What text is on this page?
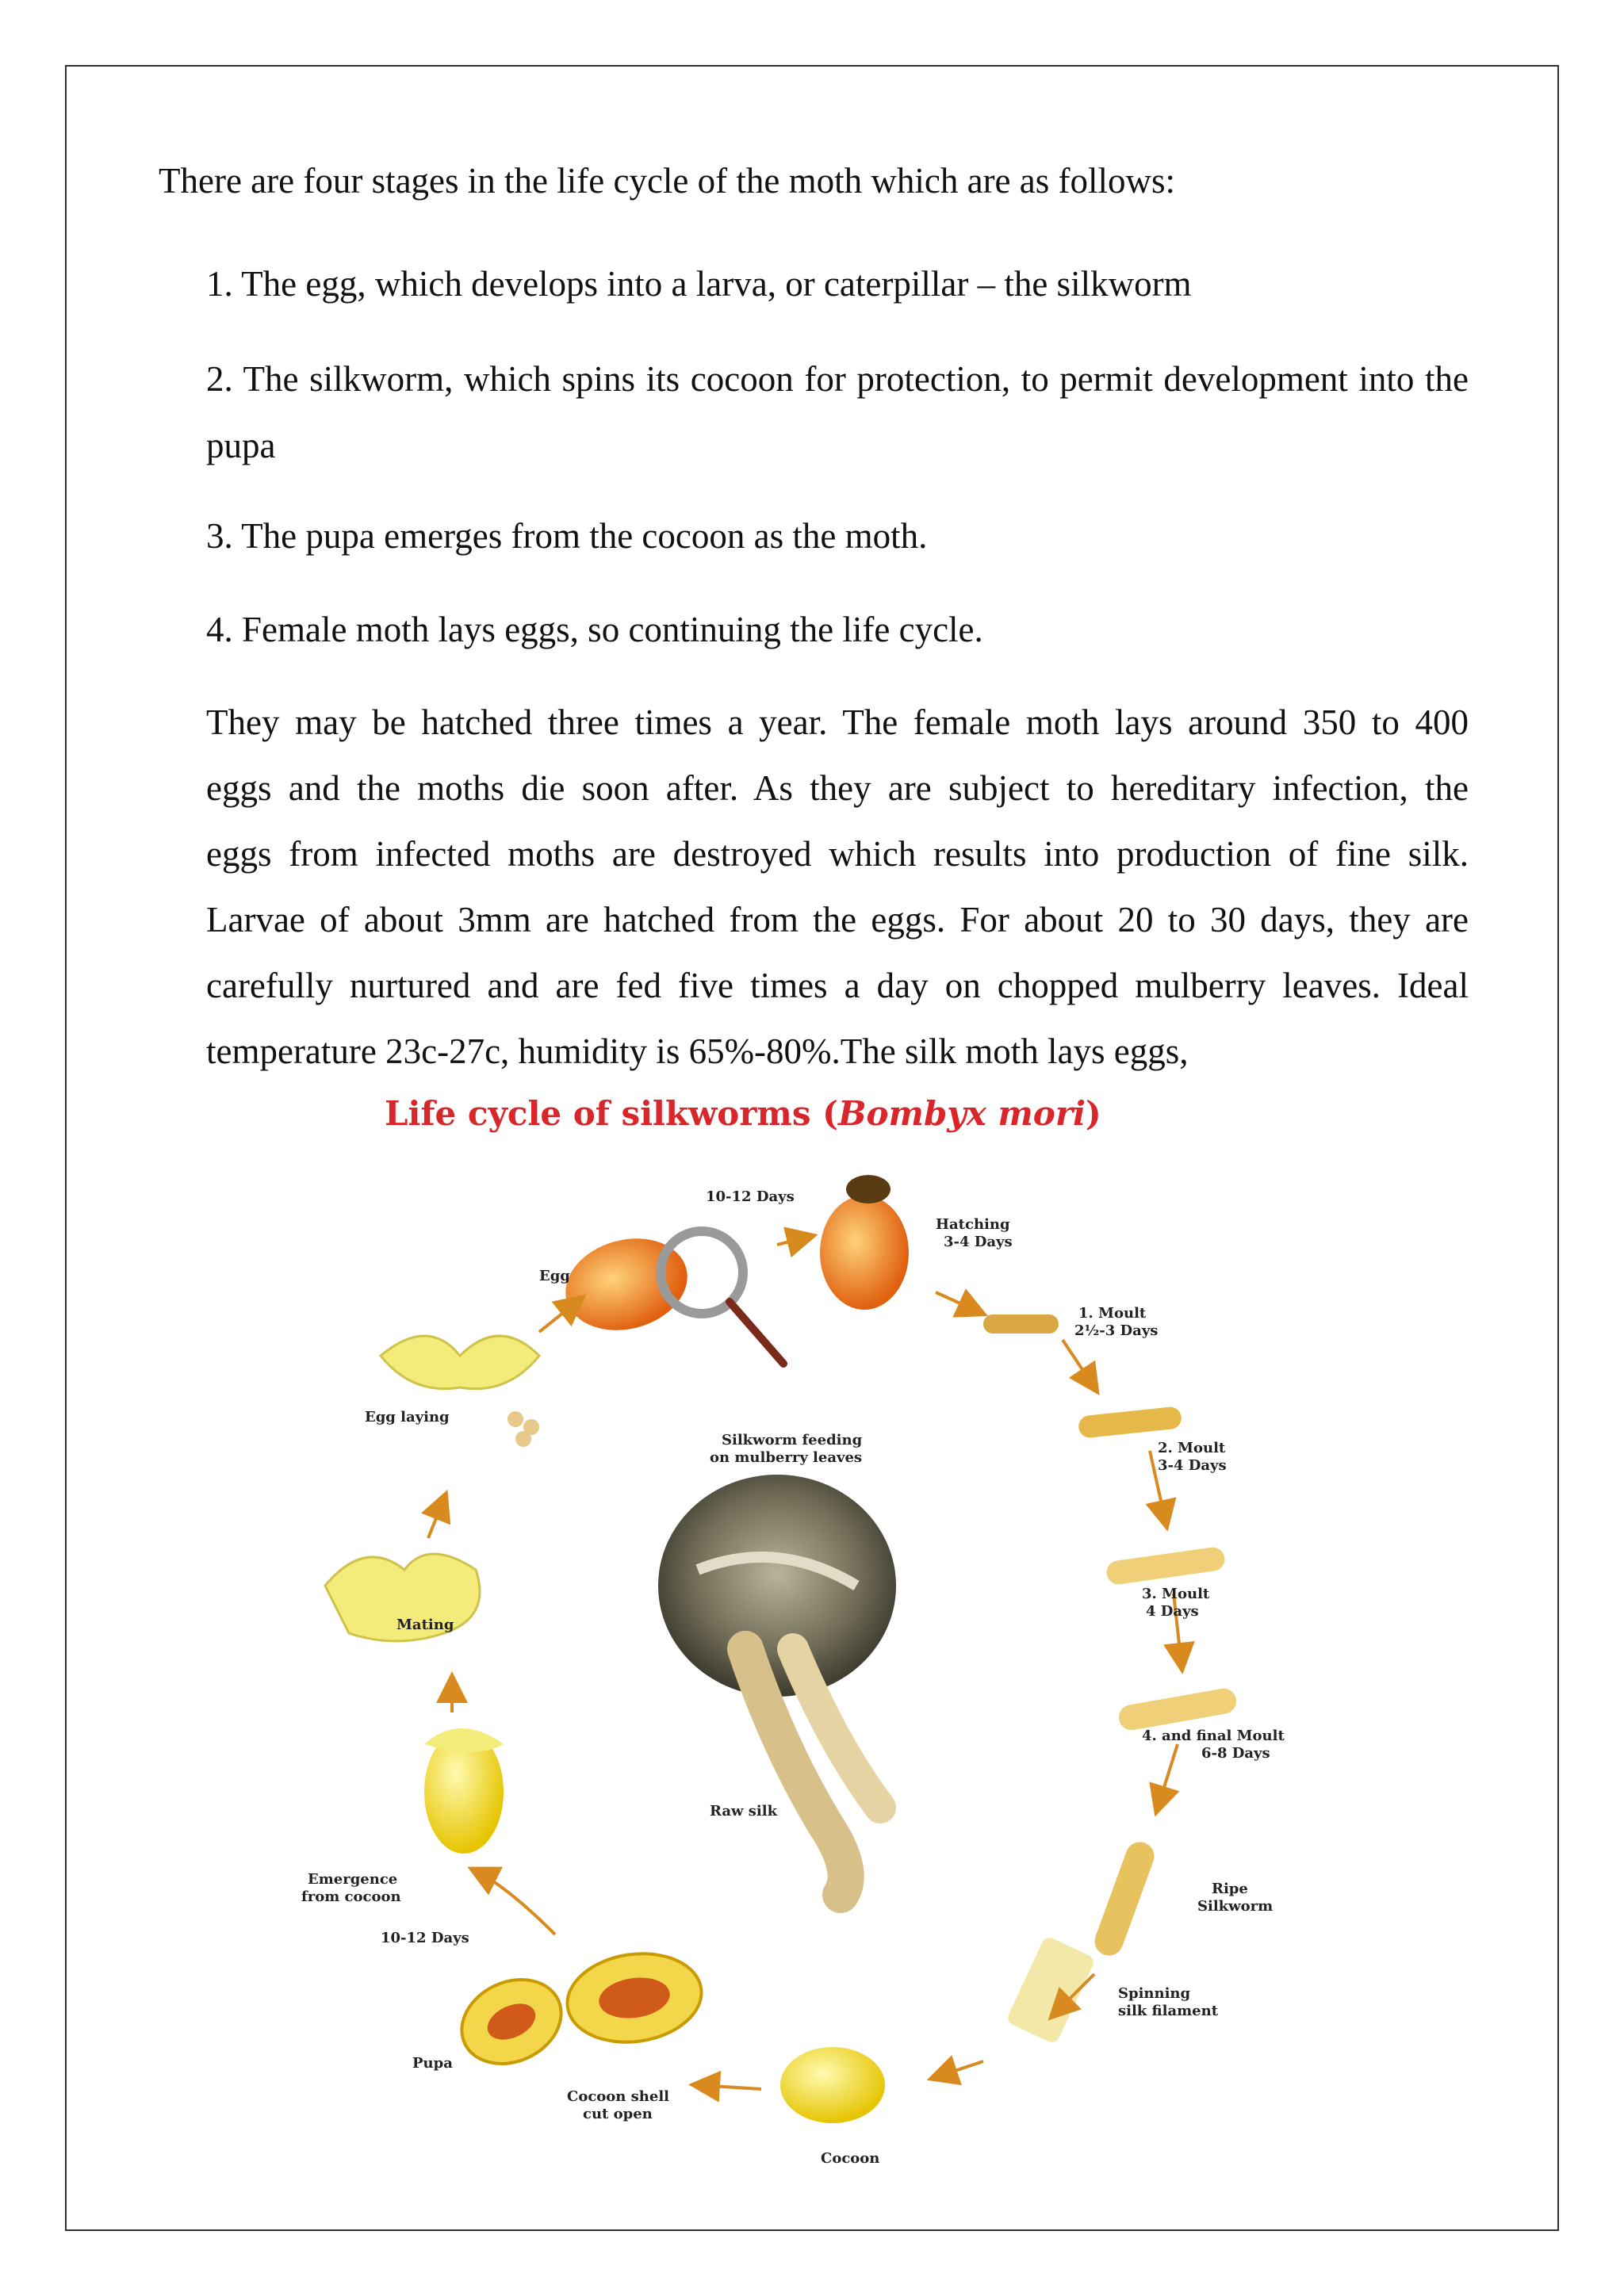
There are four stages in the life cycle of the moth which are as follows:

1. The egg, which develops into a larva, or caterpillar – the silkworm

2. The silkworm, which spins its cocoon for protection, to permit development into the pupa

3. The pupa emerges from the cocoon as the moth.

4. Female moth lays eggs, so continuing the life cycle.

They may be hatched three times a year. The female moth lays around 350 to 400
eggs and the moths die soon after. As they are subject to hereditary infection, the
eggs from infected moths are destroyed which results into production of fine silk.
Larvae of about 3mm are hatched from the eggs. For about 20 to 30 days, they are
carefully nurtured and are fed five times a day on chopped mulberry leaves. Ideal
temperature 23c-27c, humidity is 65%-80%.The silk moth lays eggs,
Life cycle of silkworms (Bombyx mori)
10-12 Days
Egg
Hatching
3-4 Days
1. Moult
2½-3 Days
2. Moult
3-4 Days
3. Moult
4 Days
4. and final Moult
6-8 Days
Ripe
Silkworm
Spinning
silk filament
Cocoon
Cocoon shell
cut open
Pupa
10-12 Days
Emergence
from cocoon
Mating
Egg laying
Silkworm feeding
on mulberry leaves
Raw silk
